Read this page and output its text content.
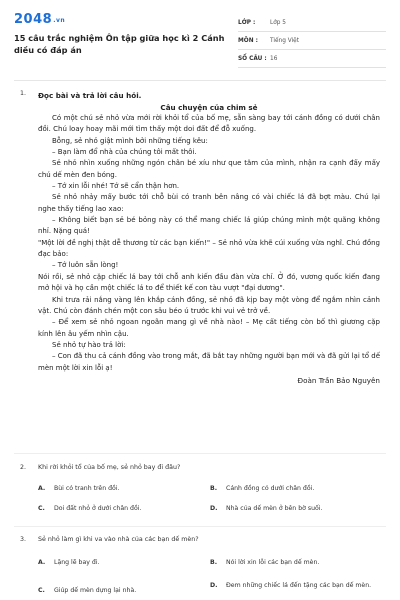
2048.vn
15 câu trắc nghiệm Ôn tập giữa học kì 2 Cánh diều có đáp án
LỚP :	Lớp 5
MÔN : Tiếng Việt
SỐ CÂU : 16
1. Đọc bài và trả lời câu hỏi.
Câu chuyện của chim sẻ

Có một chú sẻ nhỏ vừa mới rời khỏi tổ của bố mẹ, sẵn sàng bay tới cánh đồng có dưới chân đồi. Chú loay hoay mãi mới tìm thấy một doi đất để đỗ xuống.

Bỗng, sẻ nhỏ giật mình bởi những tiếng kêu:

– Bạn làm đổ nhà của chúng tôi mất thôi.

Sẻ nhỏ nhìn xuống những ngón chân bé xíu như que tăm của mình, nhận ra cạnh đấy mấy chú dế mèn đen bóng.

– Tớ xin lỗi nhé! Tớ sẽ cẩn thận hơn.

Sẻ nhỏ nhảy mấy bước tới chỗ bùi có tranh bên nâng có vài chiếc lá đã bợt màu. Chú lại nghe thấy tiếng lao xao:

– Không biết bạn sẻ bé bỏng này có thể mang chiếc lá giúp chúng mình một quãng không nhỉ. Nặng quá!

"Một lời đề nghị thật dễ thương từ các bạn kiến!" – Sẻ nhỏ vừa khẽ cúi xuống vừa nghĩ. Chú đồng đạc bảo:

– Tớ luôn sẵn lòng!

Nói rồi, sẻ nhỏ cặp chiếc lá bay tới chỗ anh kiến đầu đàn vừa chỉ. Ở đó, vương quốc kiến đang mở hội và họ cần một chiếc lá to để thiết kế con tàu vượt "đại dương".

Khi trưa rải nắng vàng lên khắp cánh đồng, sẻ nhỏ đã kịp bay một vòng để ngắm nhìn cảnh vật. Chú còn đánh chén một con sâu béo ú trước khi vui vẻ trở về.

– Để xem sẻ nhỏ ngoan ngoãn mang gì về nhà nào! – Mẹ cất tiếng còn bố thì giương cặp kính lên âu yếm nhìn cậu.

Sẻ nhỏ tự hào trả lời:

– Con đã thu cả cánh đồng vào trong mắt, đã bắt tay những người bạn mới và đã gửi lại tổ dế mèn một lời xin lỗi ạ!

Đoàn Trần Bảo Nguyên
2. Khi rời khỏi tổ của bố mẹ, sẻ nhỏ bay đi đâu?
A. Bùi có tranh trên đồi.	B. Cánh đồng có dưới chân đồi.
C. Doi đất nhỏ ở dưới chân đồi.	D. Nhà của dế mèn ở bên bờ suối.
3. Sẻ nhỏ làm gì khi va vào nhà của các bạn dế mèn?
A. Lặng lẽ bay đi.	B. Nói lời xin lỗi các bạn dế mèn.
C. Giúp dế mèn dựng lại nhà.
D. Đem những chiếc lá đến tặng các bạn dế mèn.
